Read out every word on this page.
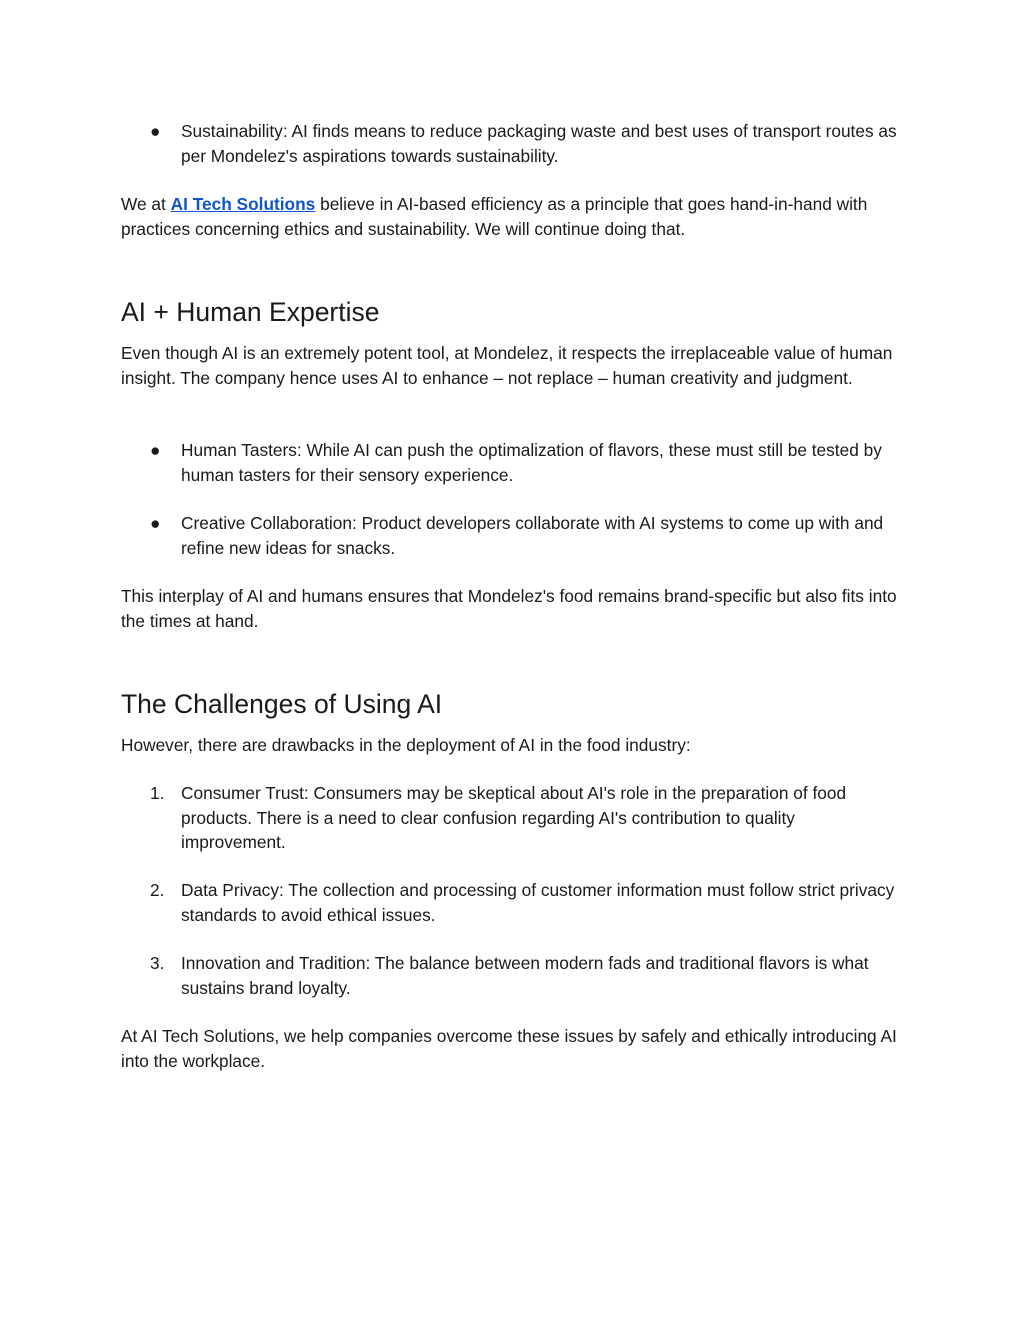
● Sustainability: AI finds means to reduce packaging waste and best uses of transport routes as per Mondelez's aspirations towards sustainability.

We at AI Tech Solutions believe in AI-based efficiency as a principle that goes hand-in-hand with practices concerning ethics and sustainability. We will continue doing that.

AI + Human Expertise

Even though AI is an extremely potent tool, at Mondelez, it respects the irreplaceable value of human insight. The company hence uses AI to enhance – not replace – human creativity and judgment.

● Human Tasters: While AI can push the optimalization of flavors, these must still be tested by human tasters for their sensory experience.
● Creative Collaboration: Product developers collaborate with AI systems to come up with and refine new ideas for snacks.

This interplay of AI and humans ensures that Mondelez's food remains brand-specific but also fits into the times at hand.

The Challenges of Using AI

However, there are drawbacks in the deployment of AI in the food industry:

1. Consumer Trust: Consumers may be skeptical about AI's role in the preparation of food products. There is a need to clear confusion regarding AI's contribution to quality improvement.
2. Data Privacy: The collection and processing of customer information must follow strict privacy standards to avoid ethical issues.
3. Innovation and Tradition: The balance between modern fads and traditional flavors is what sustains brand loyalty.

At AI Tech Solutions, we help companies overcome these issues by safely and ethically introducing AI into the workplace.
